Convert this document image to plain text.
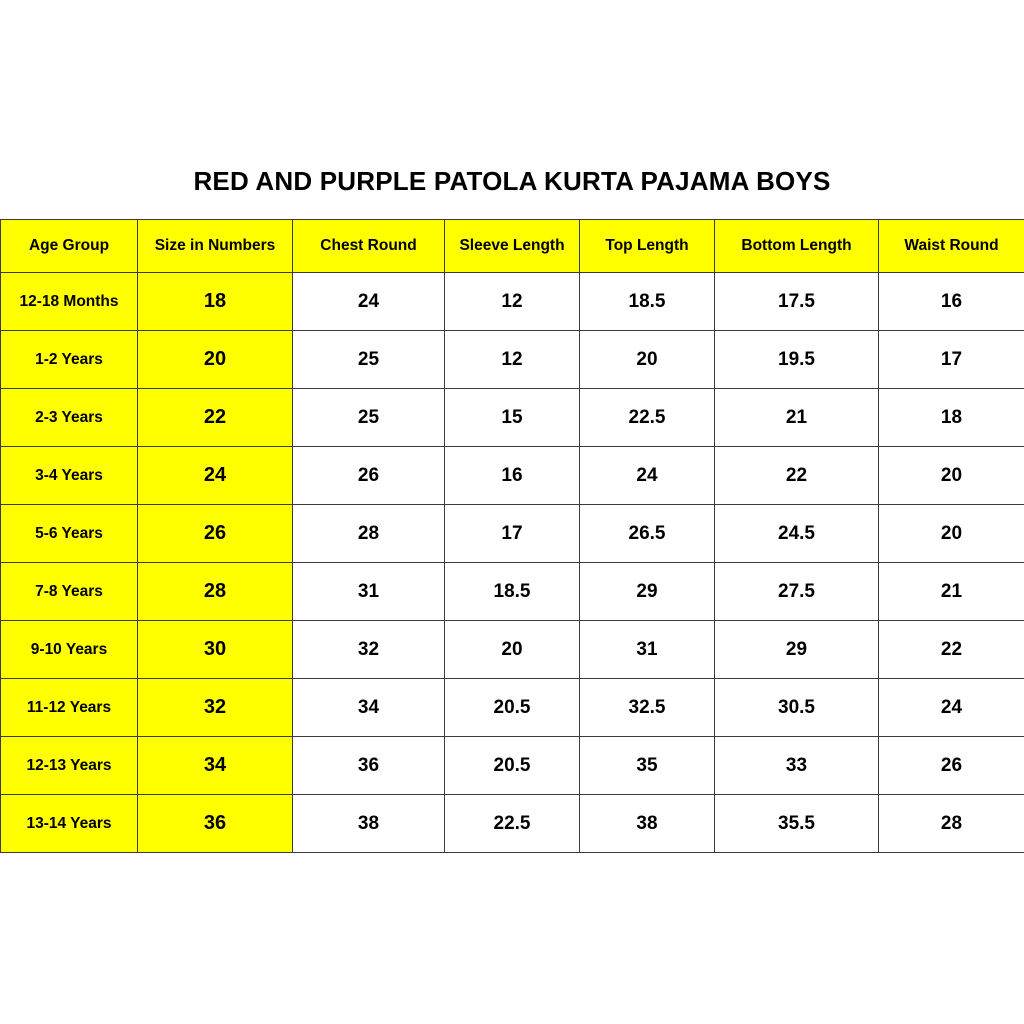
RED AND PURPLE PATOLA KURTA PAJAMA BOYS
Age Group	Size in Numbers	Chest Round	Sleeve Length	Top Length	Bottom Length	Waist Round
12-18 Months	18	24	12	18.5	17.5	16
1-2 Years	20	25	12	20	19.5	17
2-3 Years	22	25	15	22.5	21	18
3-4 Years	24	26	16	24	22	20
5-6 Years	26	28	17	26.5	24.5	20
7-8 Years	28	31	18.5	29	27.5	21
9-10 Years	30	32	20	31	29	22
11-12 Years	32	34	20.5	32.5	30.5	24
12-13 Years	34	36	20.5	35	33	26
13-14 Years	36	38	22.5	38	35.5	28
